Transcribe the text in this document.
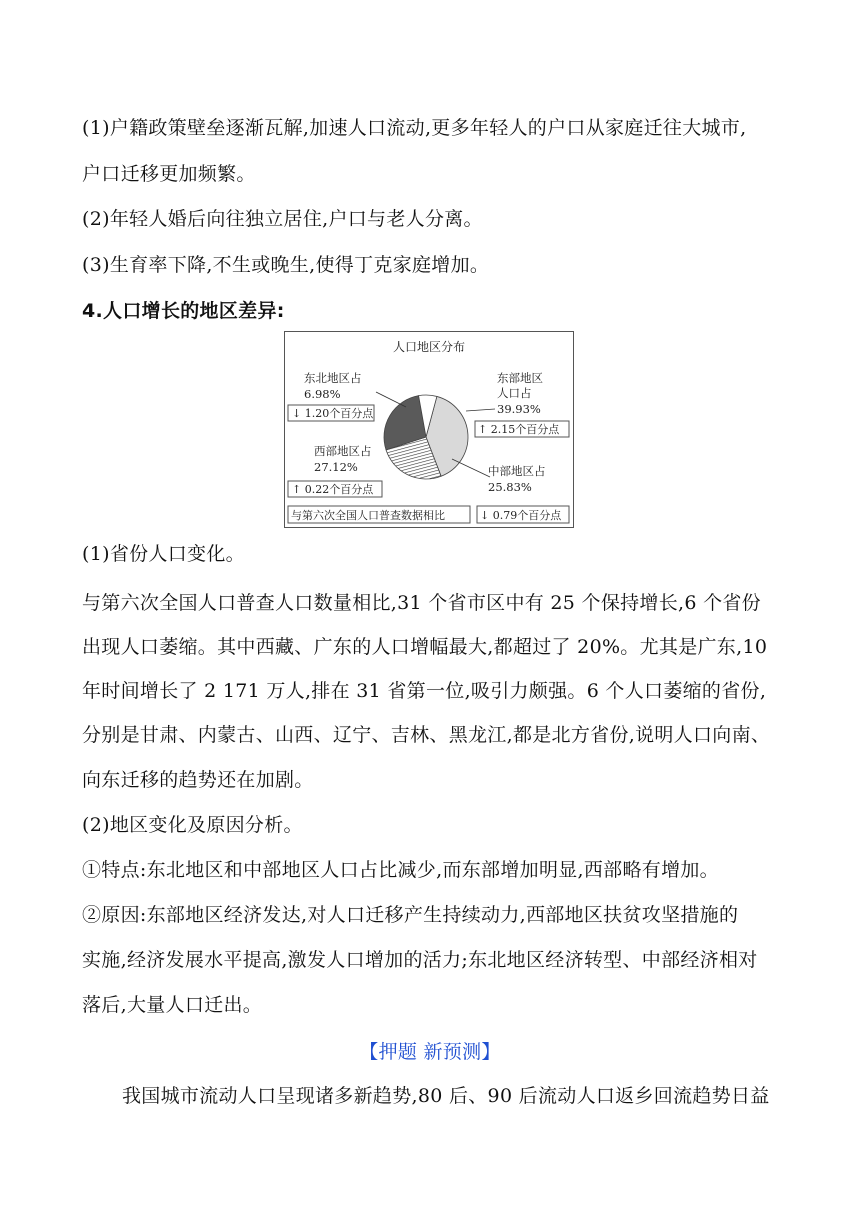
(1)户籍政策壁垒逐渐瓦解,加速人口流动,更多年轻人的户口从家庭迁往大城市,
户口迁移更加频繁。
(2)年轻人婚后向往独立居住,户口与老人分离。
(3)生育率下降,不生或晚生,使得丁克家庭增加。
4.人口增长的地区差异:
人口地区分布
东北地区占
6.98%
↓ 1.20个百分点
东部地区
人口占
39.93%
↑ 2.15个百分点
西部地区占
27.12%
↑ 0.22个百分点
中部地区占
25.83%
与第六次全国人口普查数据相比	↓ 0.79个百分点
(1)省份人口变化。
与第六次全国人口普查人口数量相比,31 个省市区中有 25 个保持增长,6 个省份
出现人口萎缩。其中西藏、广东的人口增幅最大,都超过了 20%。尤其是广东,10
年时间增长了 2 171 万人,排在 31 省第一位,吸引力颇强。6 个人口萎缩的省份,
分别是甘肃、内蒙古、山西、辽宁、吉林、黑龙江,都是北方省份,说明人口向南、
向东迁移的趋势还在加剧。
(2)地区变化及原因分析。
①特点:东北地区和中部地区人口占比减少,而东部增加明显,西部略有增加。
②原因:东部地区经济发达,对人口迁移产生持续动力,西部地区扶贫攻坚措施的
实施,经济发展水平提高,激发人口增加的活力;东北地区经济转型、中部经济相对
落后,大量人口迁出。
【押题 新预测】
我国城市流动人口呈现诸多新趋势,80 后、90 后流动人口返乡回流趋势日益
